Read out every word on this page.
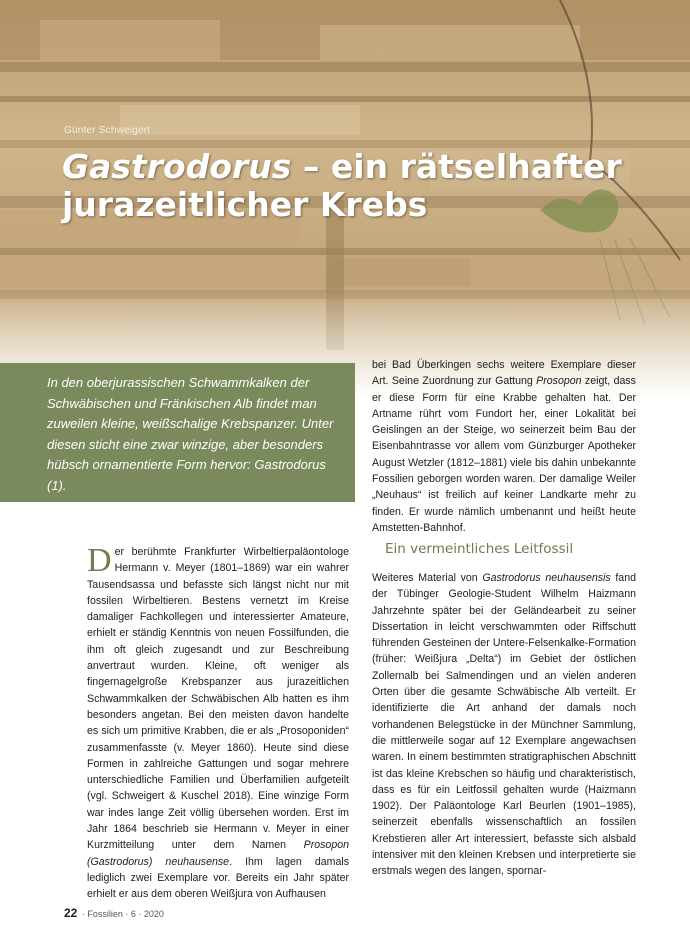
Günter Schweigert
Gastrodorus – ein rätselhafter jurazeitlicher Krebs

In den oberjurassischen Schwammkalken der Schwäbischen und Fränkischen Alb findet man zuweilen kleine, weißschalige Krebspanzer. Unter diesen sticht eine zwar winzige, aber besonders hübsch ornamentierte Form hervor: Gastrodorus (1).

Der berühmte Frankfurter Wirbeltierpaläontologe Hermann v. Meyer (1801–1869) war ein wahrer Tausendsassa und befasste sich längst nicht nur mit fossilen Wirbeltieren. Bestens vernetzt im Kreise damaliger Fachkollegen und interessierter Amateure, erhielt er ständig Kenntnis von neuen Fossilfunden, die ihm oft gleich zugesandt und zur Beschreibung anvertraut wurden. Kleine, oft weniger als fingernagelgroße Krebspanzer aus jurazeitlichen Schwammkalken der Schwäbischen Alb hatten es ihm besonders angetan. Bei den meisten davon handelte es sich um primitive Krabben, die er als „Prosoponiden“ zusammenfasste (v. Meyer 1860). Heute sind diese Formen in zahlreiche Gattungen und sogar mehrere unterschiedliche Familien und Überfamilien aufgeteilt (vgl. Schweigert & Kuschel 2018). Eine winzige Form war indes lange Zeit völlig übersehen worden. Erst im Jahr 1864 beschrieb sie Hermann v. Meyer in einer Kurzmitteilung unter dem Namen Prosopon (Gastrodorus) neuhausense. Ihm lagen damals lediglich zwei Exemplare vor. Bereits ein Jahr später erhielt er aus dem oberen Weißjura von Aufhausen

bei Bad Überkingen sechs weitere Exemplare dieser Art. Seine Zuordnung zur Gattung Prosopon zeigt, dass er diese Form für eine Krabbe gehalten hat. Der Artname rührt vom Fundort her, einer Lokalität bei Geislingen an der Steige, wo seinerzeit beim Bau der Eisenbahntrasse vor allem vom Günzburger Apotheker August Wetzler (1812–1881) viele bis dahin unbekannte Fossilien geborgen worden waren. Der damalige Weiler „Neuhaus“ ist freilich auf keiner Landkarte mehr zu finden. Er wurde nämlich umbenannt und heißt heute Amstetten-Bahnhof.

Ein vermeintliches Leitfossil

Weiteres Material von Gastrodorus neuhausensis fand der Tübinger Geologie-Student Wilhelm Haizmann Jahrzehnte später bei der Geländearbeit zu seiner Dissertation in leicht verschwammten oder Riffschutt führenden Gesteinen der Untere-Felsenkalke-Formation (früher: Weißjura „Delta“) im Gebiet der östlichen Zollernalb bei Salmendingen und an vielen anderen Orten über die gesamte Schwäbische Alb verteilt. Er identifizierte die Art anhand der damals noch vorhandenen Belegstücke in der Münchner Sammlung, die mittlerweile sogar auf 12 Exemplare angewachsen waren. In einem bestimmten stratigraphischen Abschnitt ist das kleine Krebschen so häufig und charakteristisch, dass es für ein Leitfossil gehalten wurde (Haizmann 1902). Der Paläontologe Karl Beurlen (1901–1985), seinerzeit ebenfalls wissenschaftlich an fossilen Krebstieren aller Art interessiert, befasste sich alsbald intensiver mit den kleinen Krebsen und interpretierte sie erstmals wegen des langen, spornar-

22 · Fossilien · 6 · 2020
